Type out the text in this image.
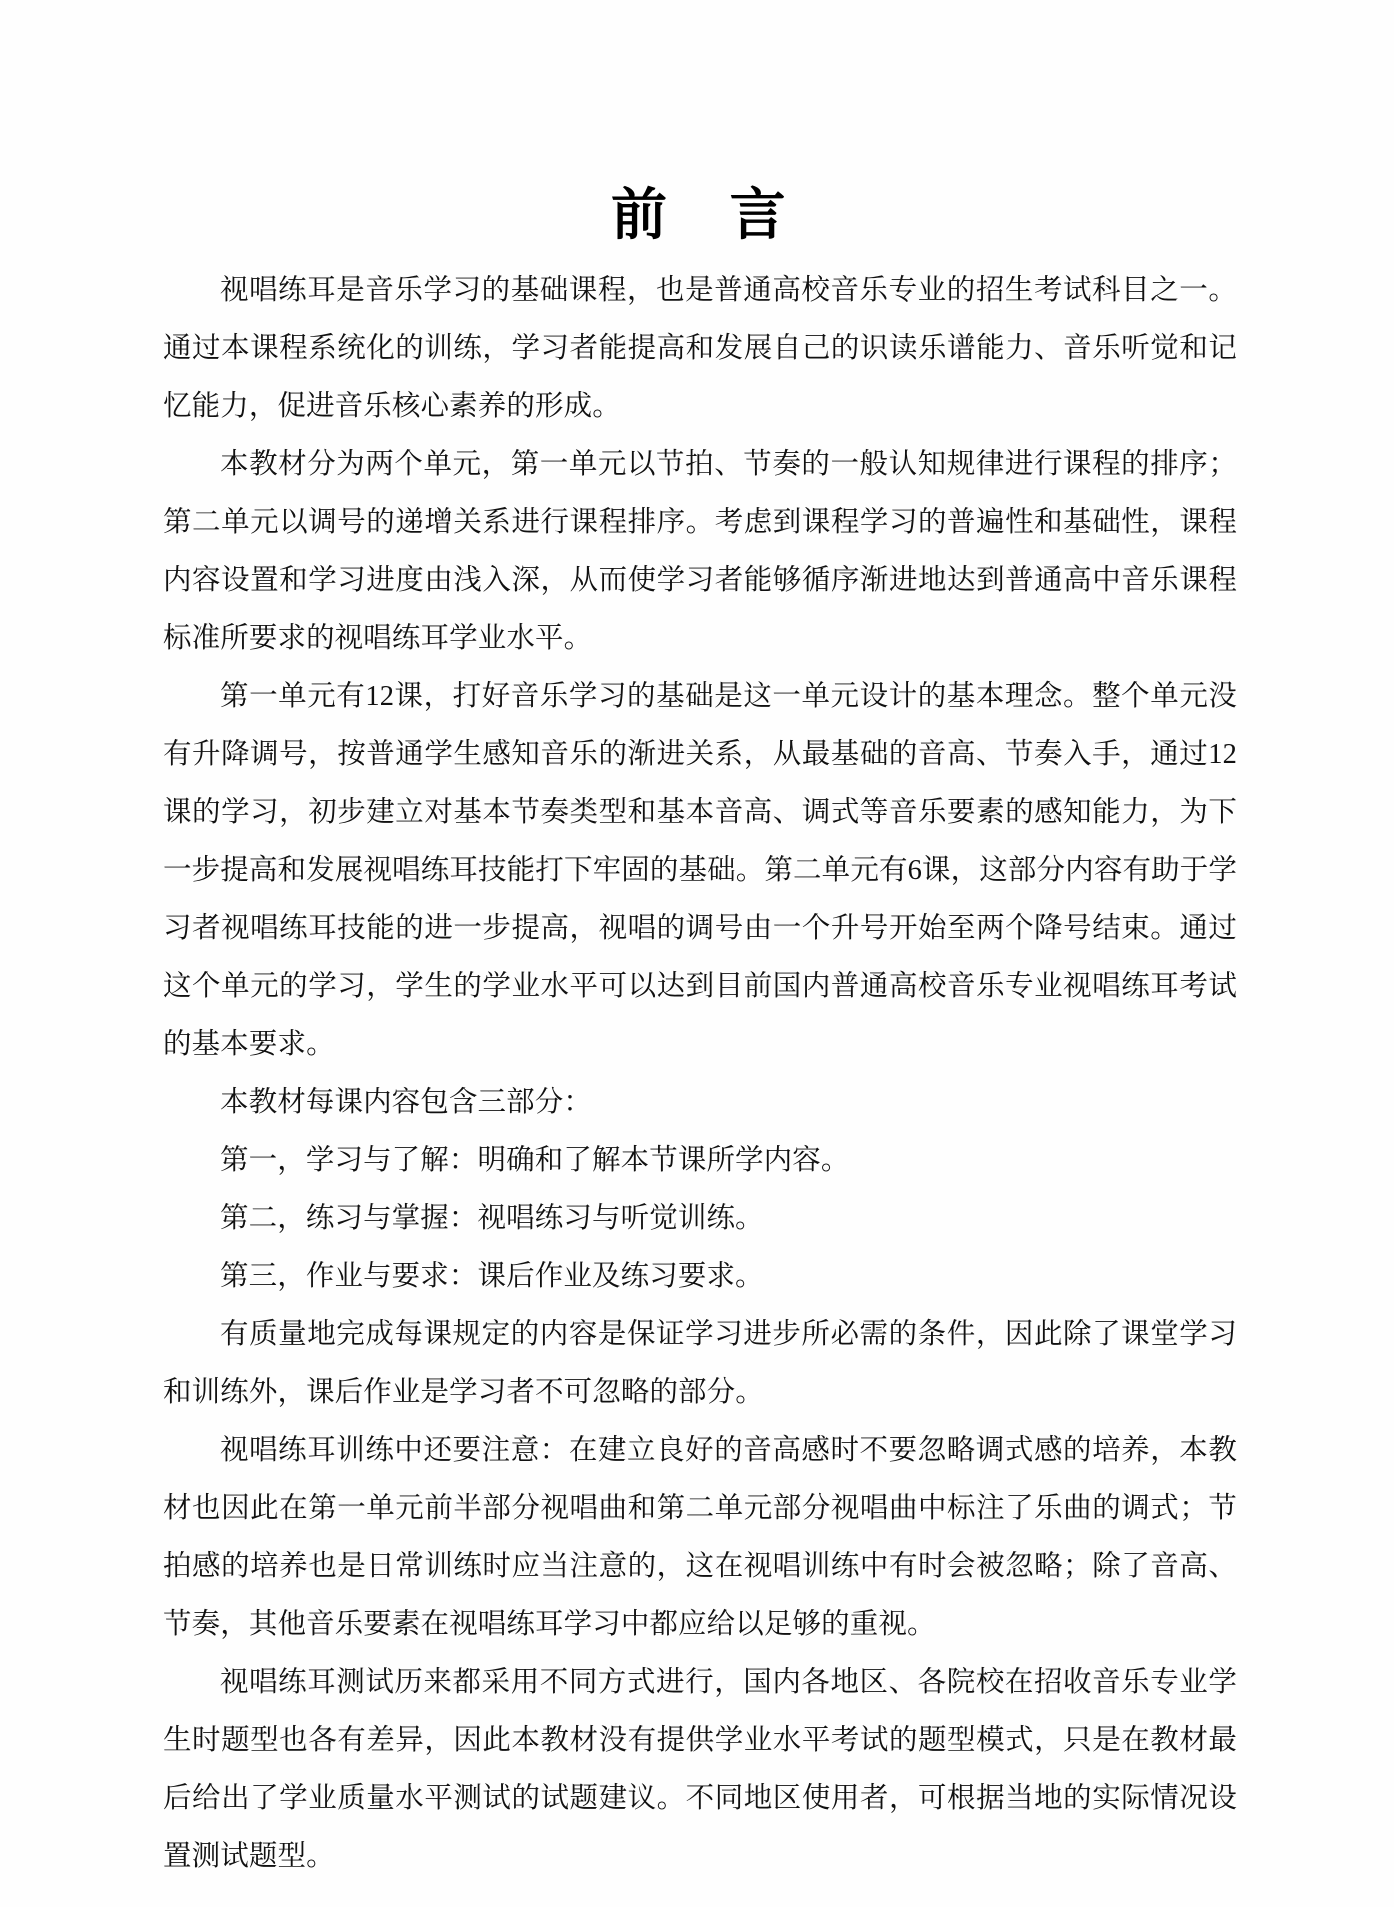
前　言

视唱练耳是音乐学习的基础课程，也是普通高校音乐专业的招生考试科目之一。通过本课程系统化的训练，学习者能提高和发展自己的识读乐谱能力、音乐听觉和记忆能力，促进音乐核心素养的形成。

本教材分为两个单元，第一单元以节拍、节奏的一般认知规律进行课程的排序；第二单元以调号的递增关系进行课程排序。考虑到课程学习的普遍性和基础性，课程内容设置和学习进度由浅入深，从而使学习者能够循序渐进地达到普通高中音乐课程标准所要求的视唱练耳学业水平。

第一单元有12课，打好音乐学习的基础是这一单元设计的基本理念。整个单元没有升降调号，按普通学生感知音乐的渐进关系，从最基础的音高、节奏入手，通过12课的学习，初步建立对基本节奏类型和基本音高、调式等音乐要素的感知能力，为下一步提高和发展视唱练耳技能打下牢固的基础。第二单元有6课，这部分内容有助于学习者视唱练耳技能的进一步提高，视唱的调号由一个升号开始至两个降号结束。通过这个单元的学习，学生的学业水平可以达到目前国内普通高校音乐专业视唱练耳考试的基本要求。

本教材每课内容包含三部分：

第一，学习与了解：明确和了解本节课所学内容。

第二，练习与掌握：视唱练习与听觉训练。

第三，作业与要求：课后作业及练习要求。

有质量地完成每课规定的内容是保证学习进步所必需的条件，因此除了课堂学习和训练外，课后作业是学习者不可忽略的部分。

视唱练耳训练中还要注意：在建立良好的音高感时不要忽略调式感的培养，本教材也因此在第一单元前半部分视唱曲和第二单元部分视唱曲中标注了乐曲的调式；节拍感的培养也是日常训练时应当注意的，这在视唱训练中有时会被忽略；除了音高、节奏，其他音乐要素在视唱练耳学习中都应给以足够的重视。

视唱练耳测试历来都采用不同方式进行，国内各地区、各院校在招收音乐专业学生时题型也各有差异，因此本教材没有提供学业水平考试的题型模式，只是在教材最后给出了学业质量水平测试的试题建议。不同地区使用者，可根据当地的实际情况设置测试题型。
